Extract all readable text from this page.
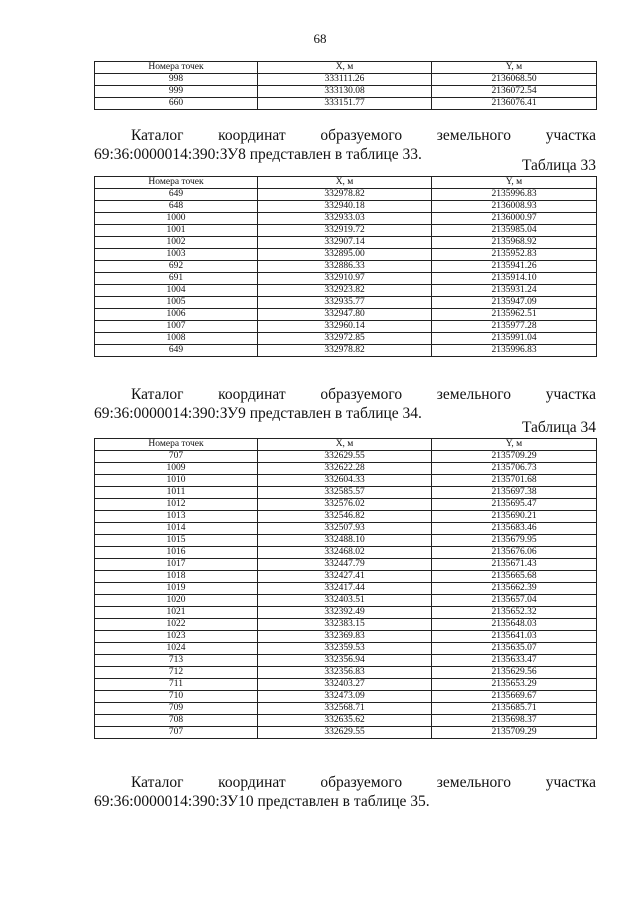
68
Номера точек	X, м	Y, м
998	333111.26	2136068.50
999	333130.08	2136072.54
660	333151.77	2136076.41
Каталог координат образуемого земельного участка
69:36:0000014:390:ЗУ8 представлен в таблице 33.
Таблица 33
Номера точек	X, м	Y, м
649	332978.82	2135996.83
648	332940.18	2136008.93
1000	332933.03	2136000.97
1001	332919.72	2135985.04
1002	332907.14	2135968.92
1003	332895.00	2135952.83
692	332886.33	2135941.26
691	332910.97	2135914.10
1004	332923.82	2135931.24
1005	332935.77	2135947.09
1006	332947.80	2135962.51
1007	332960.14	2135977.28
1008	332972.85	2135991.04
649	332978.82	2135996.83
Каталог координат образуемого земельного участка
69:36:0000014:390:ЗУ9 представлен в таблице 34.
Таблица 34
Номера точек	X, м	Y, м
707	332629.55	2135709.29
1009	332622.28	2135706.73
1010	332604.33	2135701.68
1011	332585.57	2135697.38
1012	332576.02	2135695.47
1013	332546.82	2135690.21
1014	332507.93	2135683.46
1015	332488.10	2135679.95
1016	332468.02	2135676.06
1017	332447.79	2135671.43
1018	332427.41	2135665.68
1019	332417.44	2135662.39
1020	332403.51	2135657.04
1021	332392.49	2135652.32
1022	332383.15	2135648.03
1023	332369.83	2135641.03
1024	332359.53	2135635.07
713	332356.94	2135633.47
712	332356.83	2135629.56
711	332403.27	2135653.29
710	332473.09	2135669.67
709	332568.71	2135685.71
708	332635.62	2135698.37
707	332629.55	2135709.29
Каталог координат образуемого земельного участка
69:36:0000014:390:ЗУ10 представлен в таблице 35.
